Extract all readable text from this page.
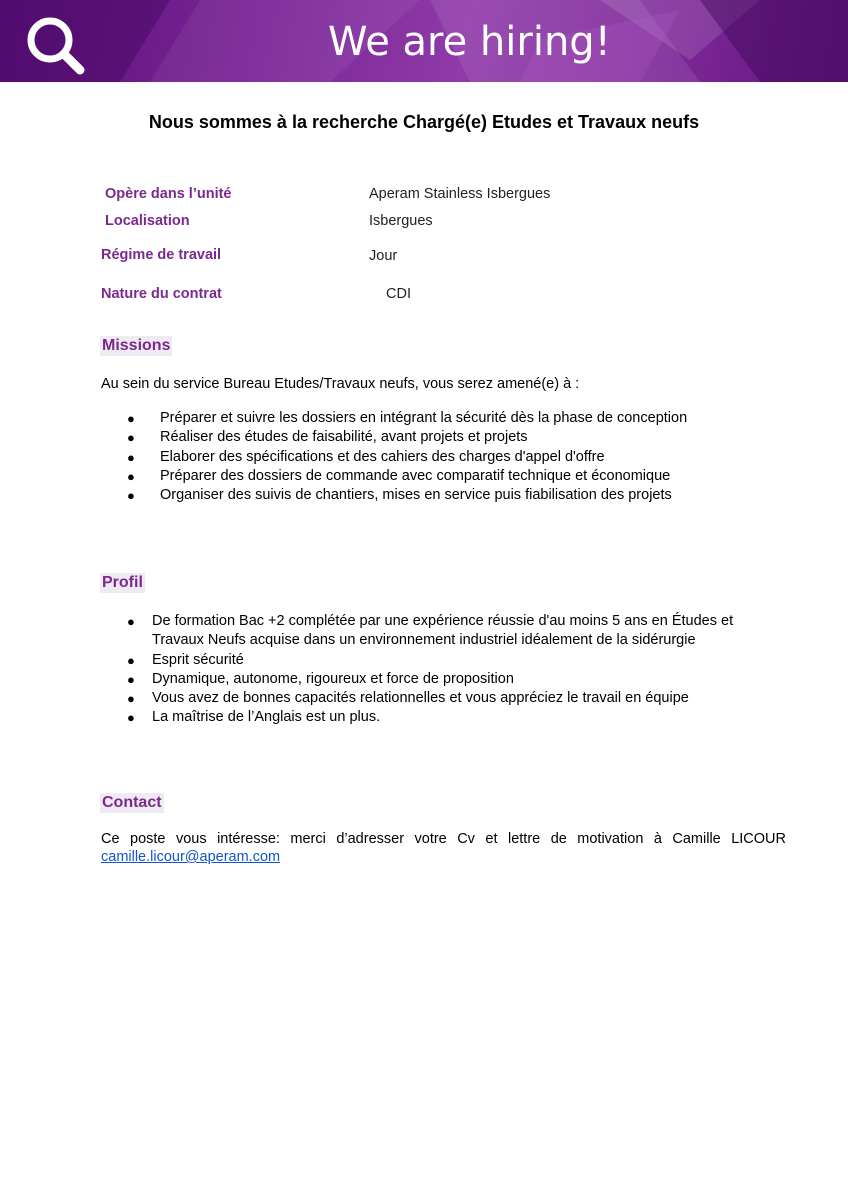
We are hiring!
Nous sommes à la recherche Chargé(e) Etudes et Travaux neufs
Opère dans l’unité	Aperam Stainless Isbergues
Localisation	Isbergues
Régime de travail	Jour
Nature du contrat	CDI
Missions
Au sein du service Bureau Etudes/Travaux neufs, vous serez amené(e) à :
● Préparer et suivre les dossiers en intégrant la sécurité dès la phase de conception
● Réaliser des études de faisabilité, avant projets et projets
● Elaborer des spécifications et des cahiers des charges d'appel d'offre
● Préparer des dossiers de commande avec comparatif technique et économique
● Organiser des suivis de chantiers, mises en service puis fiabilisation des projets
Profil
● De formation Bac +2 complétée par une expérience réussie d'au moins 5 ans en Études et Travaux Neufs acquise dans un environnement industriel idéalement de la sidérurgie
● Esprit sécurité
● Dynamique, autonome, rigoureux et force de proposition
● Vous avez de bonnes capacités relationnelles et vous appréciez le travail en équipe
● La maîtrise de l’Anglais est un plus.
Contact
Ce poste vous intéresse: merci d’adresser votre Cv et lettre de motivation à Camille LICOUR
camille.licour@aperam.com
